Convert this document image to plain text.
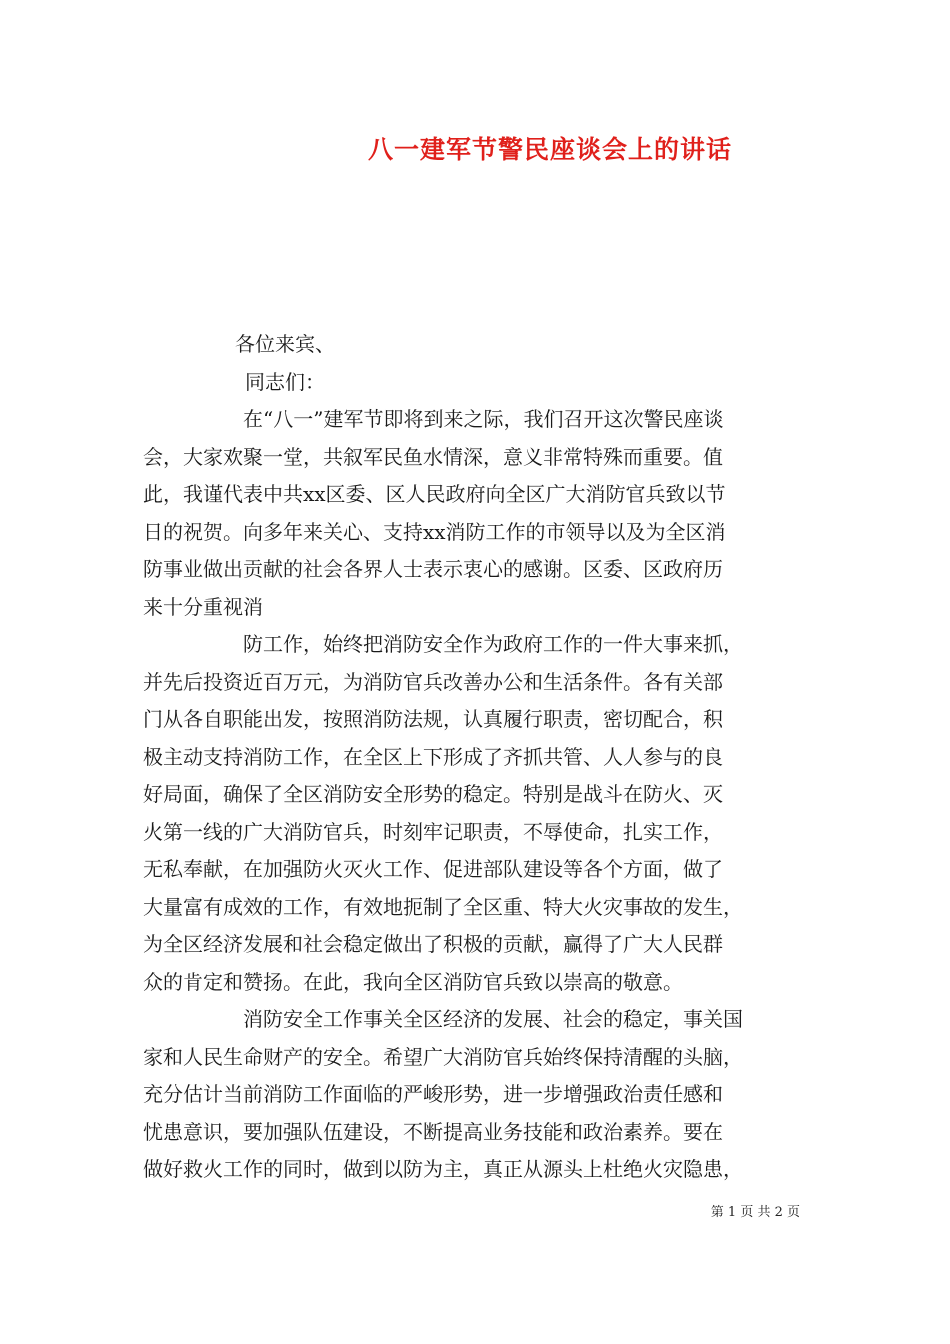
八一建军节警民座谈会上的讲话
各位来宾、
同志们：
在“八一”建军节即将到来之际，我们召开这次警民座谈
会，大家欢聚一堂，共叙军民鱼水情深，意义非常特殊而重要。值
此，我谨代表中共xx区委、区人民政府向全区广大消防官兵致以节
日的祝贺。向多年来关心、支持xx消防工作的市领导以及为全区消
防事业做出贡献的社会各界人士表示衷心的感谢。区委、区政府历
来十分重视消
防工作，始终把消防安全作为政府工作的一件大事来抓，
并先后投资近百万元，为消防官兵改善办公和生活条件。各有关部
门从各自职能出发，按照消防法规，认真履行职责，密切配合，积
极主动支持消防工作，在全区上下形成了齐抓共管、人人参与的良
好局面，确保了全区消防安全形势的稳定。特别是战斗在防火、灭
火第一线的广大消防官兵，时刻牢记职责，不辱使命，扎实工作，
无私奉献，在加强防火灭火工作、促进部队建设等各个方面，做了
大量富有成效的工作，有效地扼制了全区重、特大火灾事故的发生，
为全区经济发展和社会稳定做出了积极的贡献，赢得了广大人民群
众的肯定和赞扬。在此，我向全区消防官兵致以崇高的敬意。
消防安全工作事关全区经济的发展、社会的稳定，事关国
家和人民生命财产的安全。希望广大消防官兵始终保持清醒的头脑，
充分估计当前消防工作面临的严峻形势，进一步增强政治责任感和
忧患意识，要加强队伍建设，不断提高业务技能和政治素养。要在
做好救火工作的同时，做到以防为主，真正从源头上杜绝火灾隐患，
第 1 页 共 2 页
